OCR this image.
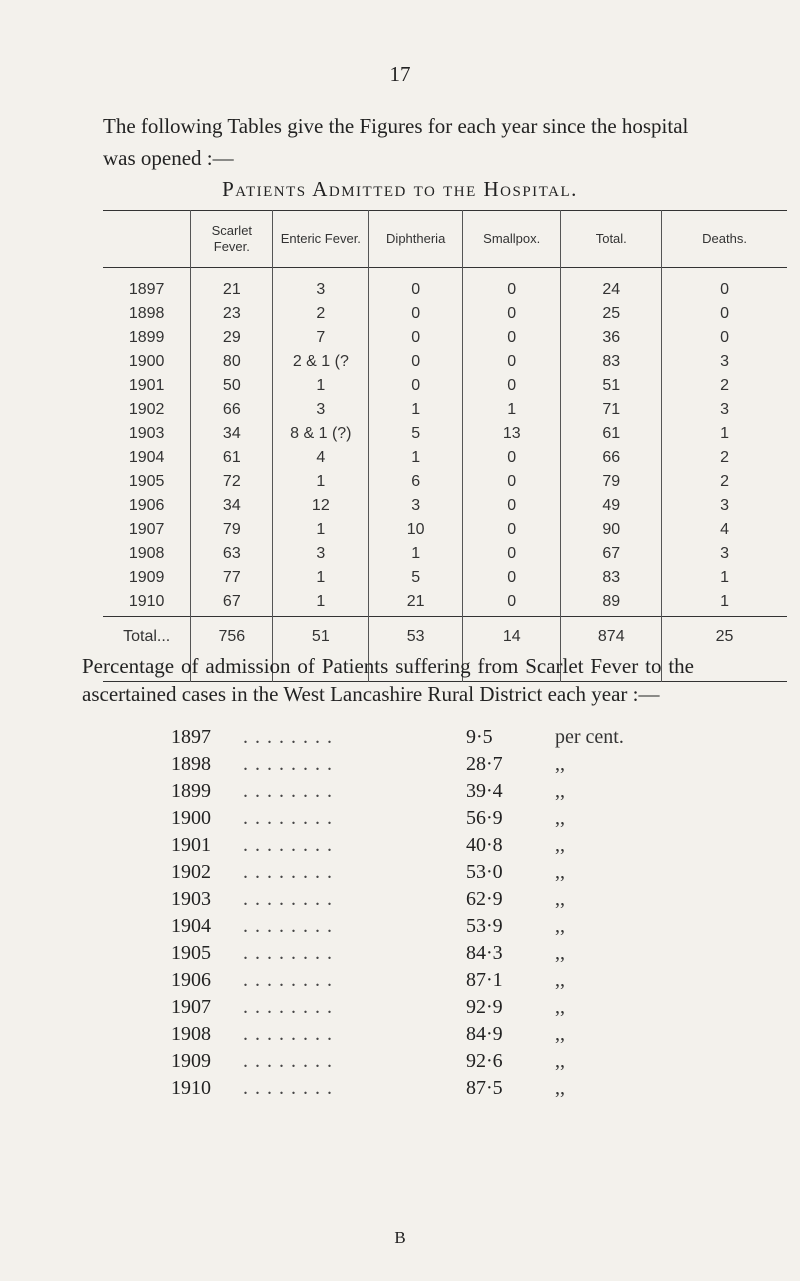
17
The following Tables give the Figures for each year since the hospital was opened :—
Patients Admitted to the Hospital.
	Scarlet Fever.	Enteric Fever.	Diphtheria	Smallpox.	Total.	Deaths.
1897	21	3	0	0	24	0
1898	23	2	0	0	25	0
1899	29	7	0	0	36	0
1900	80	2 & 1 (?	0	0	83	3
1901	50	1	0	0	51	2
1902	66	3	1	1	71	3
1903	34	8 & 1 (?)	5	13	61	1
1904	61	4	1	0	66	2
1905	72	1	6	0	79	2
1906	34	12	3	0	49	3
1907	79	1	10	0	90	4
1908	63	3	1	0	67	3
1909	77	1	5	0	83	1
1910	67	1	21	0	89	1
Total...	756	51	53	14	874	25
Percentage of admission of Patients suffering from Scarlet Fever to the ascertained cases in the West Lancashire Rural District each year :—
1897 . . . . . . . .	9·5	per cent.
1898 . . . . . . . .	28·7	,,
1899 . . . . . . . .	39·4	,,
1900 . . . . . . . .	56·9	,,
1901 . . . . . . . .	40·8	,,
1902 . . . . . . . .	53·0	,,
1903 . . . . . . . .	62·9	,,
1904 . . . . . . . .	53·9	,,
1905 . . . . . . . .	84·3	,,
1906 . . . . . . . .	87·1	,,
1907 . . . . . . . .	92·9	,,
1908 . . . . . . . .	84·9	,,
1909 . . . . . . . .	92·6	,,
1910 . . . . . . . .	87·5	,,
B
